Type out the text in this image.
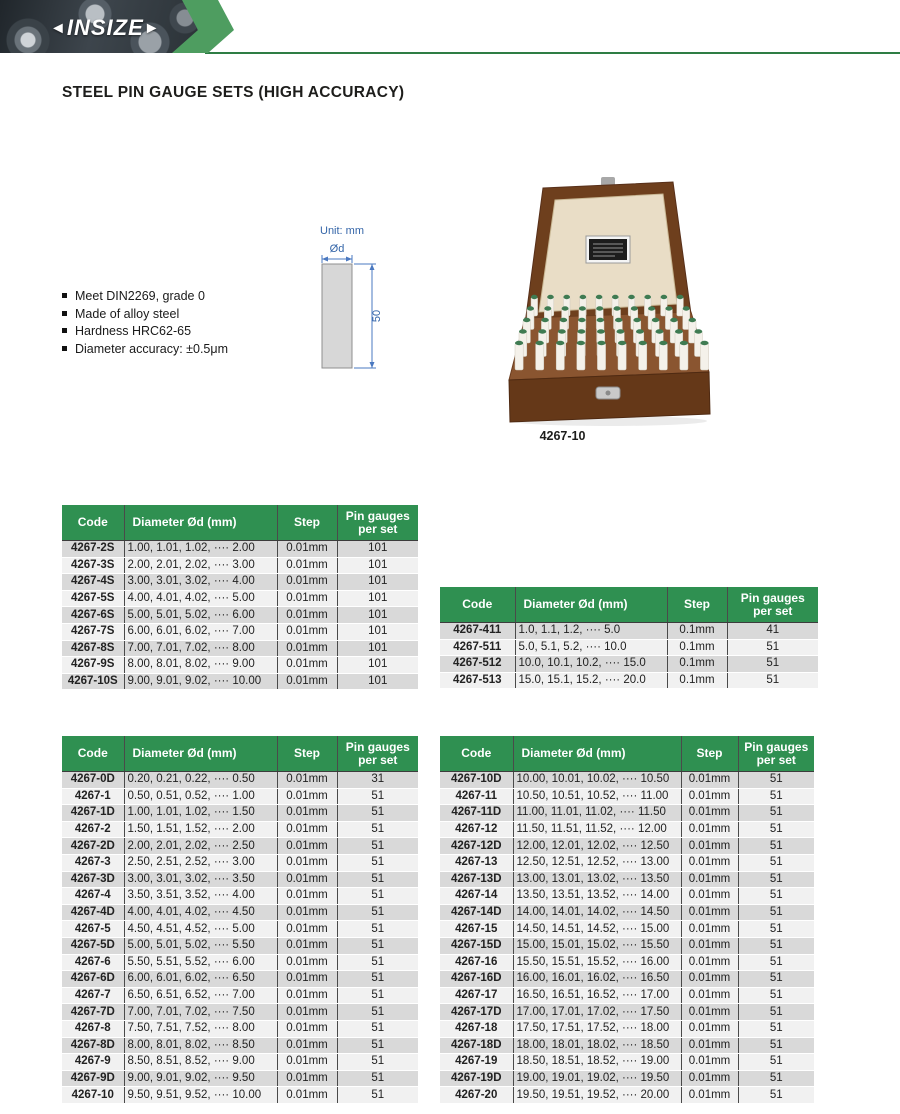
◄INSIZE►
STEEL PIN GAUGE SETS (HIGH ACCURACY)
Meet DIN2269, grade 0
Made of alloy steel
Hardness HRC62-65
Diameter accuracy: ±0.5μm
Unit: mm
Ød
50
4267-10
Code	Diameter Ød (mm)	Step	Pin gauges per set
4267-2S	1.00, 1.01, 1.02, ···· 2.00	0.01mm	101
4267-3S	2.00, 2.01, 2.02, ···· 3.00	0.01mm	101
4267-4S	3.00, 3.01, 3.02, ···· 4.00	0.01mm	101
4267-5S	4.00, 4.01, 4.02, ···· 5.00	0.01mm	101
4267-6S	5.00, 5.01, 5.02, ···· 6.00	0.01mm	101
4267-7S	6.00, 6.01, 6.02, ···· 7.00	0.01mm	101
4267-8S	7.00, 7.01, 7.02, ···· 8.00	0.01mm	101
4267-9S	8.00, 8.01, 8.02, ···· 9.00	0.01mm	101
4267-10S	9.00, 9.01, 9.02, ···· 10.00	0.01mm	101
Code	Diameter Ød (mm)	Step	Pin gauges per set
4267-411	1.0, 1.1, 1.2, ···· 5.0	0.1mm	41
4267-511	5.0, 5.1, 5.2, ···· 10.0	0.1mm	51
4267-512	10.0, 10.1, 10.2, ···· 15.0	0.1mm	51
4267-513	15.0, 15.1, 15.2, ···· 20.0	0.1mm	51
Code	Diameter Ød (mm)	Step	Pin gauges per set
4267-0D	0.20, 0.21, 0.22, ···· 0.50	0.01mm	31
4267-1	0.50, 0.51, 0.52, ···· 1.00	0.01mm	51
4267-1D	1.00, 1.01, 1.02, ···· 1.50	0.01mm	51
4267-2	1.50, 1.51, 1.52, ···· 2.00	0.01mm	51
4267-2D	2.00, 2.01, 2.02, ···· 2.50	0.01mm	51
4267-3	2.50, 2.51, 2.52, ···· 3.00	0.01mm	51
4267-3D	3.00, 3.01, 3.02, ···· 3.50	0.01mm	51
4267-4	3.50, 3.51, 3.52, ···· 4.00	0.01mm	51
4267-4D	4.00, 4.01, 4.02, ···· 4.50	0.01mm	51
4267-5	4.50, 4.51, 4.52, ···· 5.00	0.01mm	51
4267-5D	5.00, 5.01, 5.02, ···· 5.50	0.01mm	51
4267-6	5.50, 5.51, 5.52, ···· 6.00	0.01mm	51
4267-6D	6.00, 6.01, 6.02, ···· 6.50	0.01mm	51
4267-7	6.50, 6.51, 6.52, ···· 7.00	0.01mm	51
4267-7D	7.00, 7.01, 7.02, ···· 7.50	0.01mm	51
4267-8	7.50, 7.51, 7.52, ···· 8.00	0.01mm	51
4267-8D	8.00, 8.01, 8.02, ···· 8.50	0.01mm	51
4267-9	8.50, 8.51, 8.52, ···· 9.00	0.01mm	51
4267-9D	9.00, 9.01, 9.02, ···· 9.50	0.01mm	51
4267-10	9.50, 9.51, 9.52, ···· 10.00	0.01mm	51
Code	Diameter Ød (mm)	Step	Pin gauges per set
4267-10D	10.00, 10.01, 10.02, ···· 10.50	0.01mm	51
4267-11	10.50, 10.51, 10.52, ···· 11.00	0.01mm	51
4267-11D	11.00, 11.01, 11.02, ···· 11.50	0.01mm	51
4267-12	11.50, 11.51, 11.52, ···· 12.00	0.01mm	51
4267-12D	12.00, 12.01, 12.02, ···· 12.50	0.01mm	51
4267-13	12.50, 12.51, 12.52, ···· 13.00	0.01mm	51
4267-13D	13.00, 13.01, 13.02, ···· 13.50	0.01mm	51
4267-14	13.50, 13.51, 13.52, ···· 14.00	0.01mm	51
4267-14D	14.00, 14.01, 14.02, ···· 14.50	0.01mm	51
4267-15	14.50, 14.51, 14.52, ···· 15.00	0.01mm	51
4267-15D	15.00, 15.01, 15.02, ···· 15.50	0.01mm	51
4267-16	15.50, 15.51, 15.52, ···· 16.00	0.01mm	51
4267-16D	16.00, 16.01, 16.02, ···· 16.50	0.01mm	51
4267-17	16.50, 16.51, 16.52, ···· 17.00	0.01mm	51
4267-17D	17.00, 17.01, 17.02, ···· 17.50	0.01mm	51
4267-18	17.50, 17.51, 17.52, ···· 18.00	0.01mm	51
4267-18D	18.00, 18.01, 18.02, ···· 18.50	0.01mm	51
4267-19	18.50, 18.51, 18.52, ···· 19.00	0.01mm	51
4267-19D	19.00, 19.01, 19.02, ···· 19.50	0.01mm	51
4267-20	19.50, 19.51, 19.52, ···· 20.00	0.01mm	51
